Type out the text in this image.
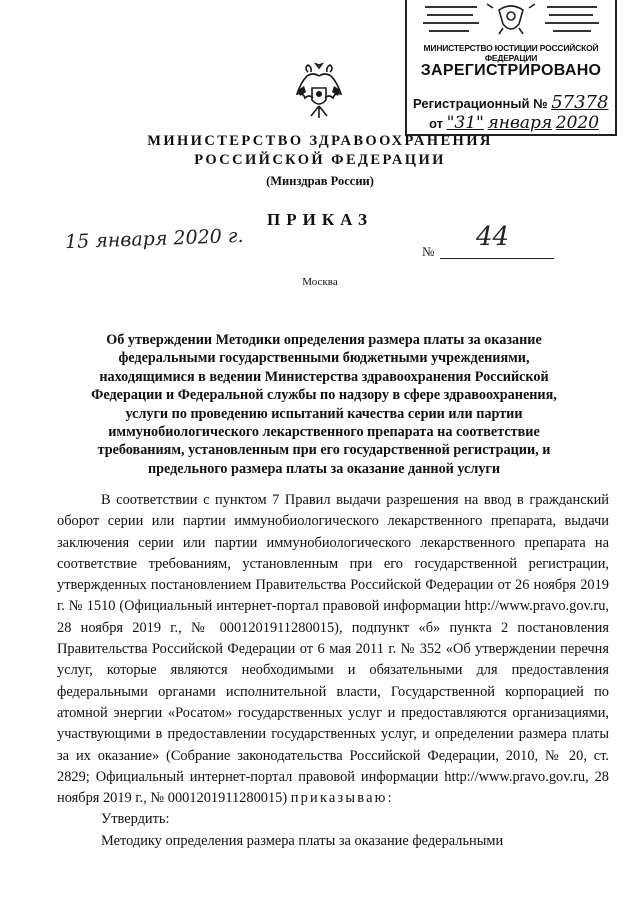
МИНИСТЕРСТВО ЮСТИЦИИ РОССИЙСКОЙ ФЕДЕРАЦИИ
ЗАРЕГИСТРИРОВАНО
Регистрационный № 57378
от "31" января 2020
МИНИСТЕРСТВО ЗДРАВООХРАНЕНИЯ
РОССИЙСКОЙ ФЕДЕРАЦИИ
(Минздрав России)
ПРИКАЗ
15 января 2020 г.	№ 44
Москва
Об утверждении Методики определения размера платы за оказание федеральными государственными бюджетными учреждениями, находящимися в ведении Министерства здравоохранения Российской Федерации и Федеральной службы по надзору в сфере здравоохранения, услуги по проведению испытаний качества серии или партии иммунобиологического лекарственного препарата на соответствие требованиям, установленным при его государственной регистрации, и предельного размера платы за оказание данной услуги

В соответствии с пунктом 7 Правил выдачи разрешения на ввод в гражданский оборот серии или партии иммунобиологического лекарственного препарата, выдачи заключения серии или партии иммунобиологического лекарственного препарата на соответствие требованиям, установленным при его государственной регистрации, утвержденных постановлением Правительства Российской Федерации от 26 ноября 2019 г. № 1510 (Официальный интернет-портал правовой информации http://www.pravo.gov.ru, 28 ноября 2019 г., № 0001201911280015), подпункт «б» пункта 2 постановления Правительства Российской Федерации от 6 мая 2011 г. № 352 «Об утверждении перечня услуг, которые являются необходимыми и обязательными для предоставления федеральными органами исполнительной власти, Государственной корпорацией по атомной энергии «Росатом» государственных услуг и предоставляются организациями, участвующими в предоставлении государственных услуг, и определении размера платы за их оказание» (Собрание законодательства Российской Федерации, 2010, № 20, ст. 2829; Официальный интернет-портал правовой информации http://www.pravo.gov.ru, 28 ноября 2019 г., № 0001201911280015) приказываю:

Утвердить:

Методику определения размера платы за оказание федеральными
